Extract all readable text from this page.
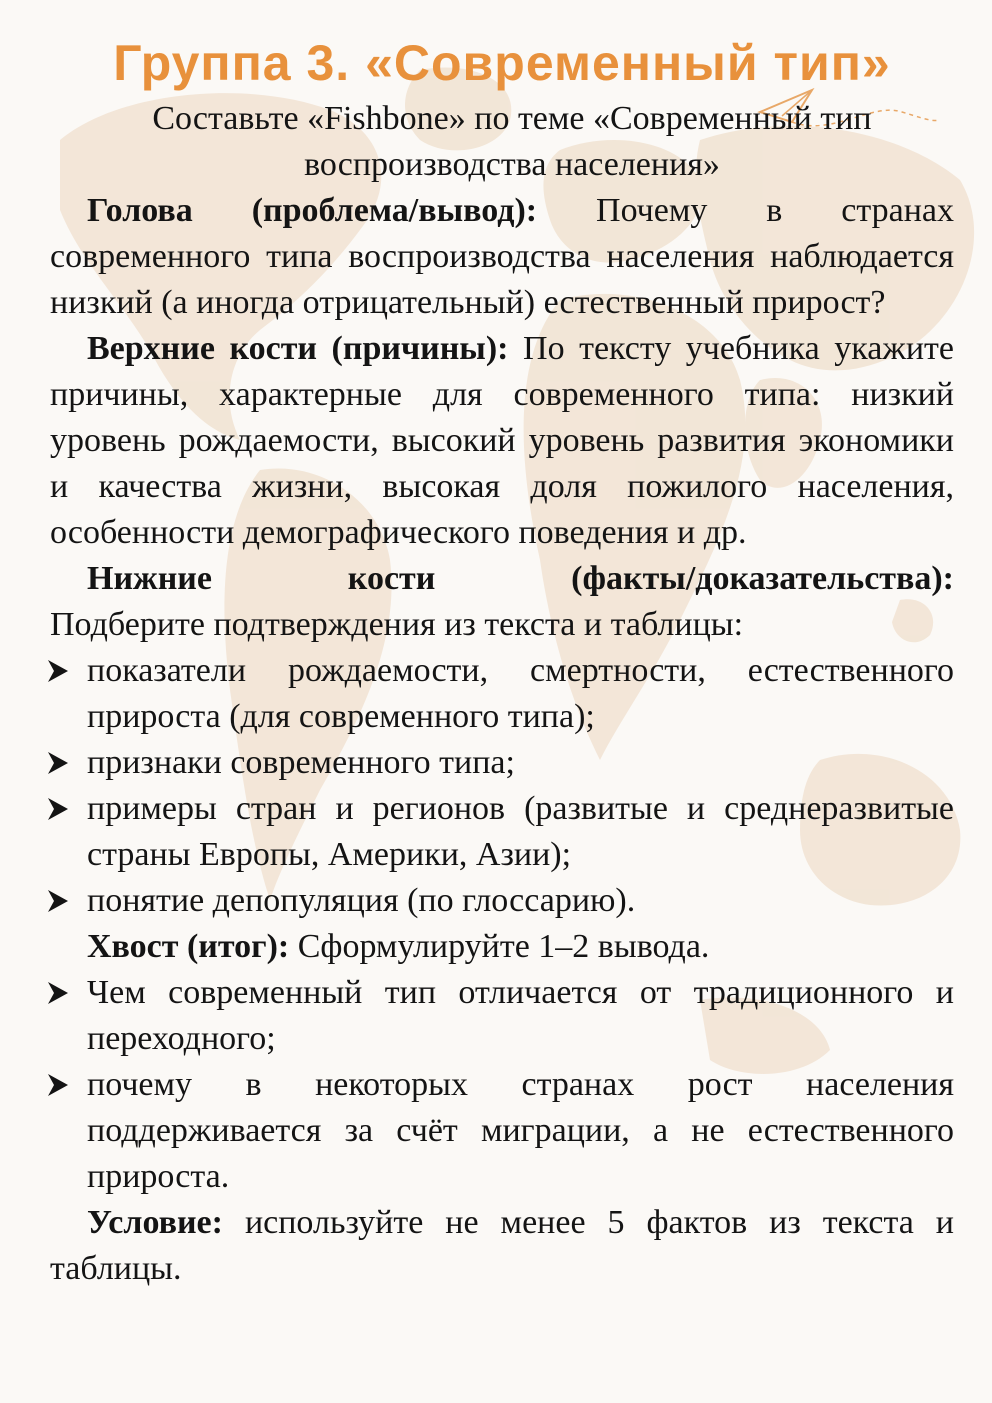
Группа 3. «Современный тип»
Составьте «Fishbone» по теме «Современный тип воспроизводства населения»
Голова (проблема/вывод): Почему в странах современного типа воспроизводства населения наблюдается низкий (а иногда отрицательный) естественный прирост?
Верхние кости (причины): По тексту учебника укажите причины, характерные для современного типа: низкий уровень рождаемости, высокий уровень развития экономики и качества жизни, высокая доля пожилого населения, особенности демографического поведения и др.
Нижние кости (факты/доказательства):
Подберите подтверждения из текста и таблицы:
показатели рождаемости, смертности, естественного прироста (для современного типа);
признаки современного типа;
примеры стран и регионов (развитые и среднеразвитые страны Европы, Америки, Азии);
понятие депопуляция (по глоссарию).
Хвост (итог): Сформулируйте 1–2 вывода.
Чем современный тип отличается от традиционного и переходного;
почему в некоторых странах рост населения поддерживается за счёт миграции, а не естественного прироста.
Условие: используйте не менее 5 фактов из текста и таблицы.
